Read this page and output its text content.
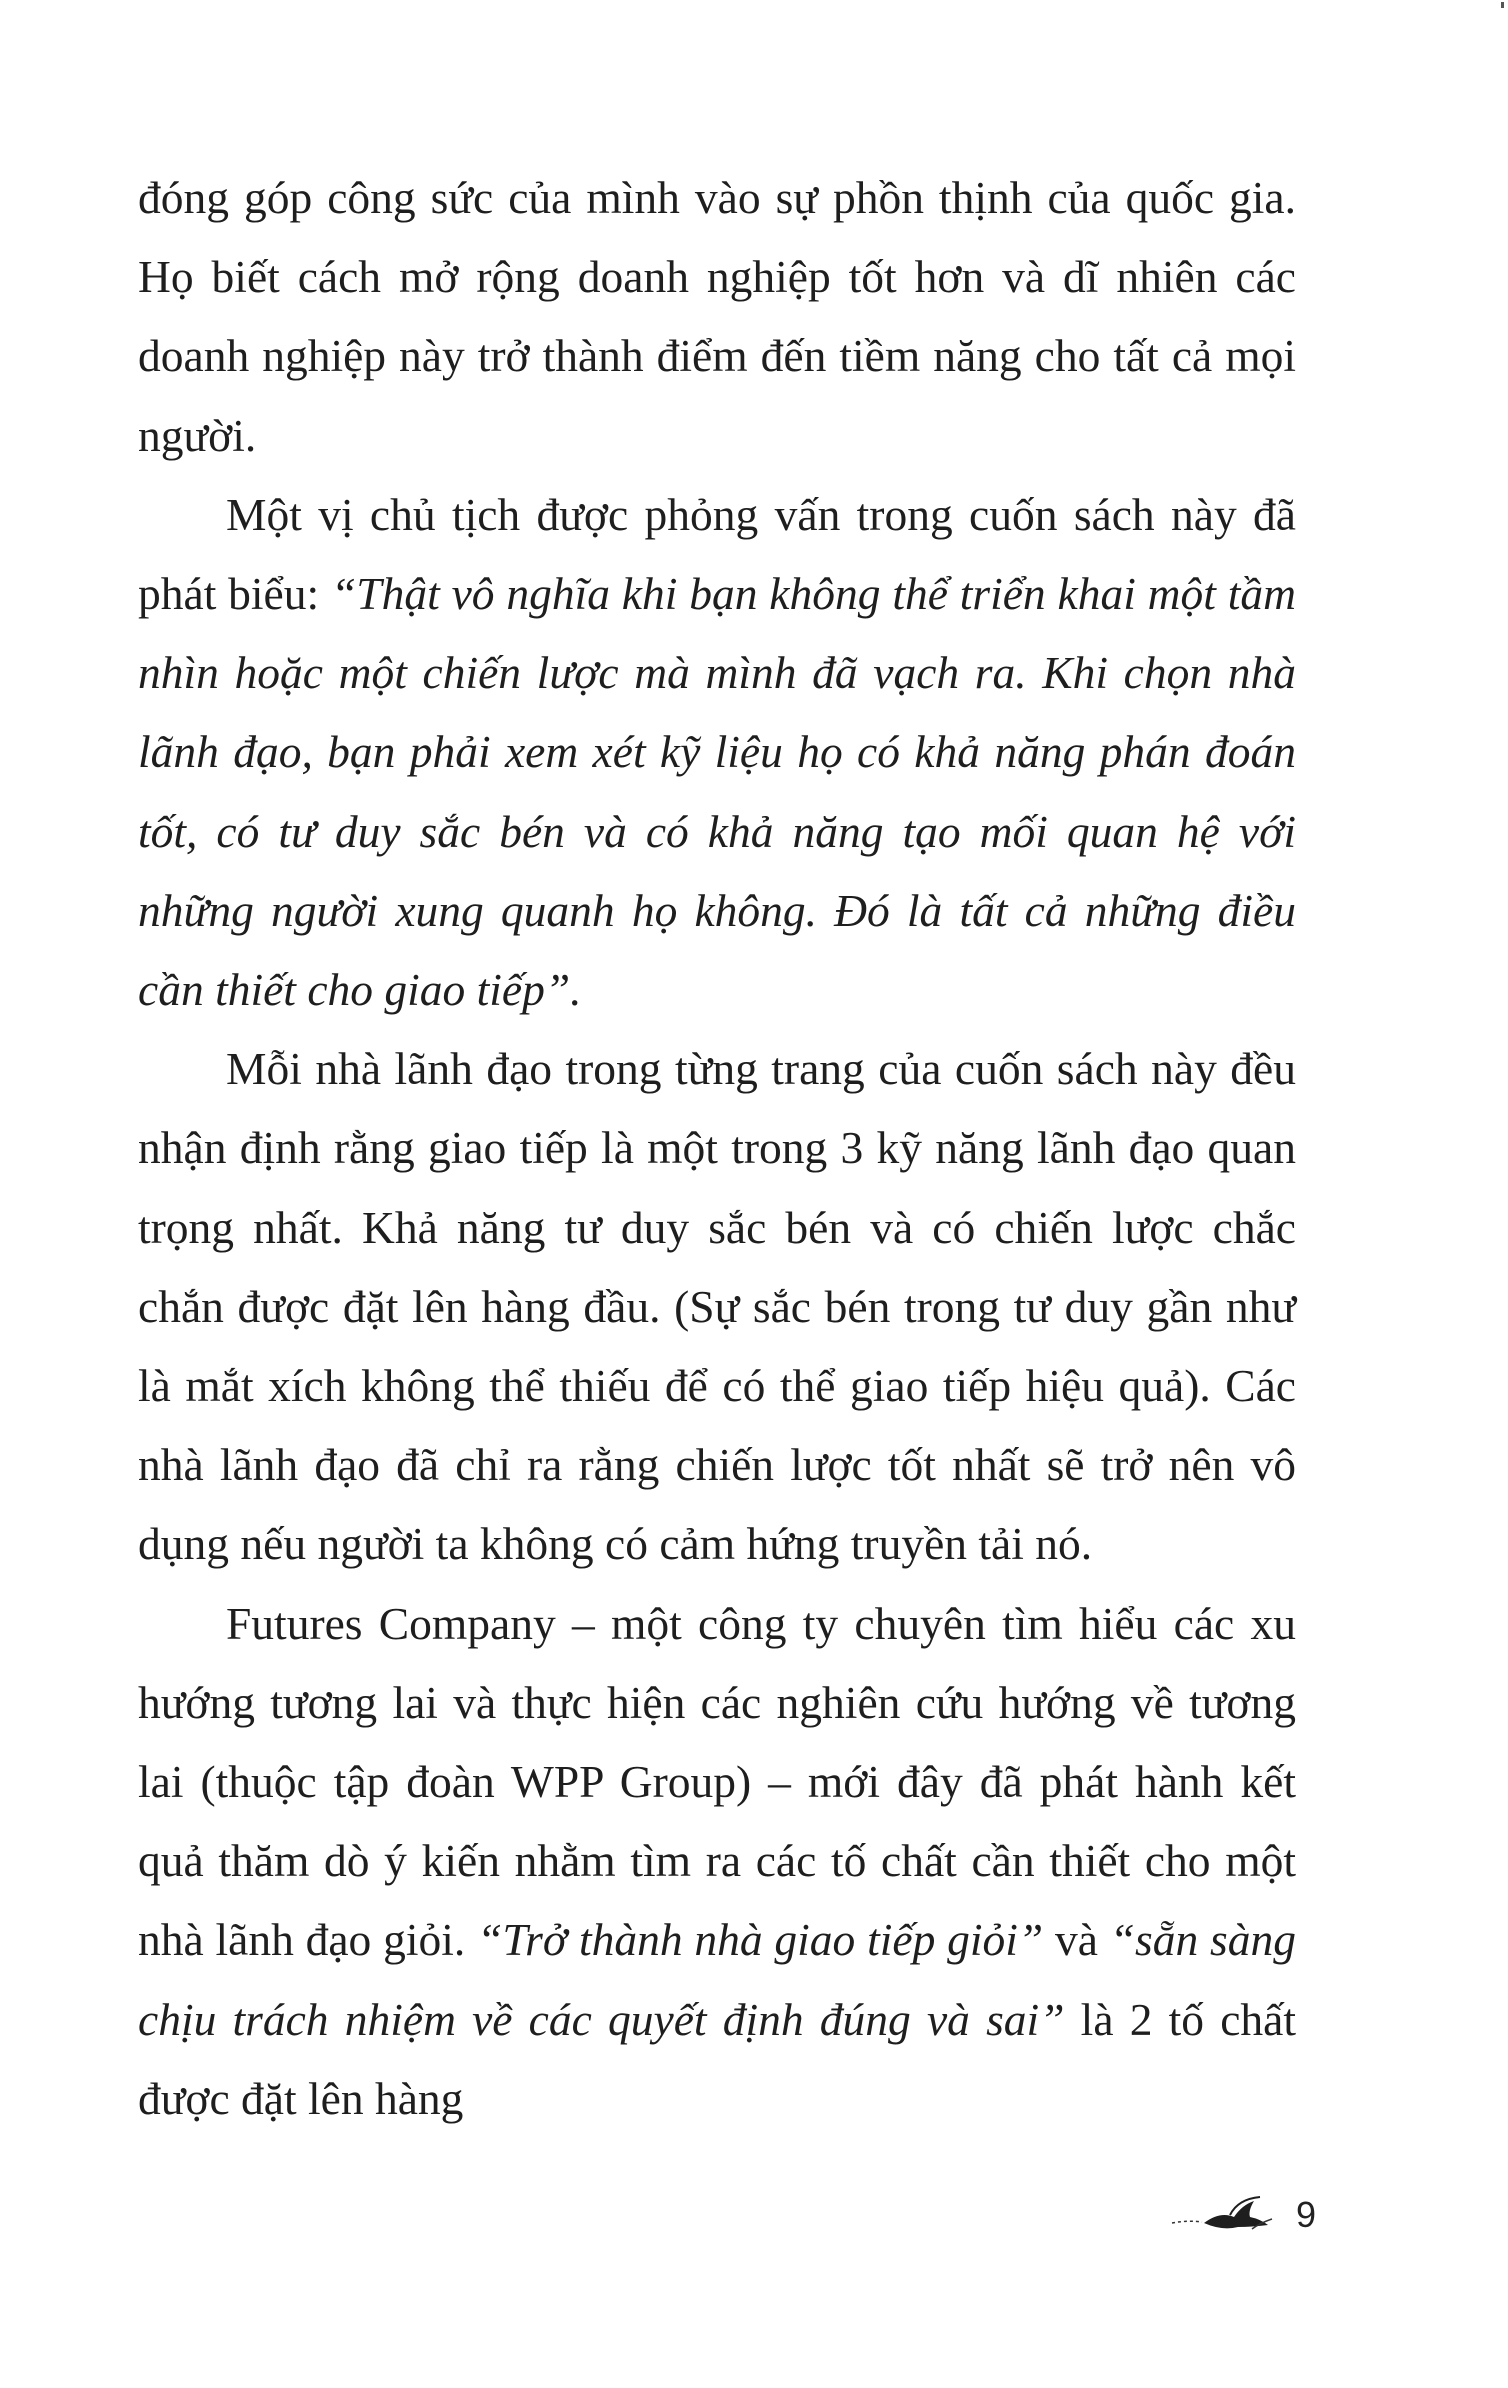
đóng góp công sức của mình vào sự phồn thịnh của quốc gia. Họ biết cách mở rộng doanh nghiệp tốt hơn và dĩ nhiên các doanh nghiệp này trở thành điểm đến tiềm năng cho tất cả mọi người.

Một vị chủ tịch được phỏng vấn trong cuốn sách này đã phát biểu: “Thật vô nghĩa khi bạn không thể triển khai một tầm nhìn hoặc một chiến lược mà mình đã vạch ra. Khi chọn nhà lãnh đạo, bạn phải xem xét kỹ liệu họ có khả năng phán đoán tốt, có tư duy sắc bén và có khả năng tạo mối quan hệ với những người xung quanh họ không. Đó là tất cả những điều cần thiết cho giao tiếp”.

Mỗi nhà lãnh đạo trong từng trang của cuốn sách này đều nhận định rằng giao tiếp là một trong 3 kỹ năng lãnh đạo quan trọng nhất. Khả năng tư duy sắc bén và có chiến lược chắc chắn được đặt lên hàng đầu. (Sự sắc bén trong tư duy gần như là mắt xích không thể thiếu để có thể giao tiếp hiệu quả). Các nhà lãnh đạo đã chỉ ra rằng chiến lược tốt nhất sẽ trở nên vô dụng nếu người ta không có cảm hứng truyền tải nó.

Futures Company – một công ty chuyên tìm hiểu các xu hướng tương lai và thực hiện các nghiên cứu hướng về tương lai (thuộc tập đoàn WPP Group) – mới đây đã phát hành kết quả thăm dò ý kiến nhằm tìm ra các tố chất cần thiết cho một nhà lãnh đạo giỏi. “Trở thành nhà giao tiếp giỏi” và “sẵn sàng chịu trách nhiệm về các quyết định đúng và sai” là 2 tố chất được đặt lên hàng

9
